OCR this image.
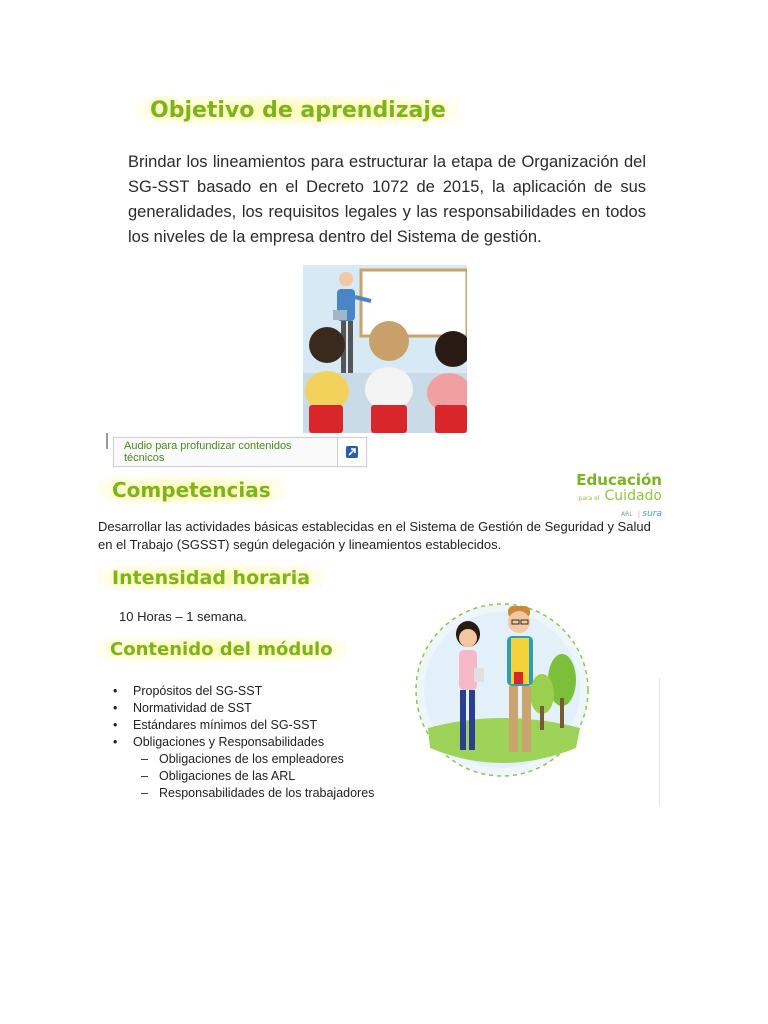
Objetivo de aprendizaje
Brindar los lineamientos para estructurar la etapa de Organización del SG-SST basado en el Decreto 1072 de 2015, la aplicación de sus generalidades, los requisitos legales y las responsabilidades en todos los niveles de la empresa dentro del Sistema de gestión.
Audio para profundizar contenidos técnicos
Educación
para el Cuidado
ARL | sura
Competencias
Desarrollar las actividades básicas establecidas en el Sistema de Gestión de Seguridad y Salud en el Trabajo (SGSST) según delegación y lineamientos establecidos.
Intensidad horaria
10 Horas – 1 semana.
Contenido del módulo
• Propósitos del SG-SST
• Normatividad de SST
• Estándares mínimos del SG-SST
• Obligaciones y Responsabilidades
– Obligaciones de los empleadores
– Obligaciones de las ARL
– Responsabilidades de los trabajadores
